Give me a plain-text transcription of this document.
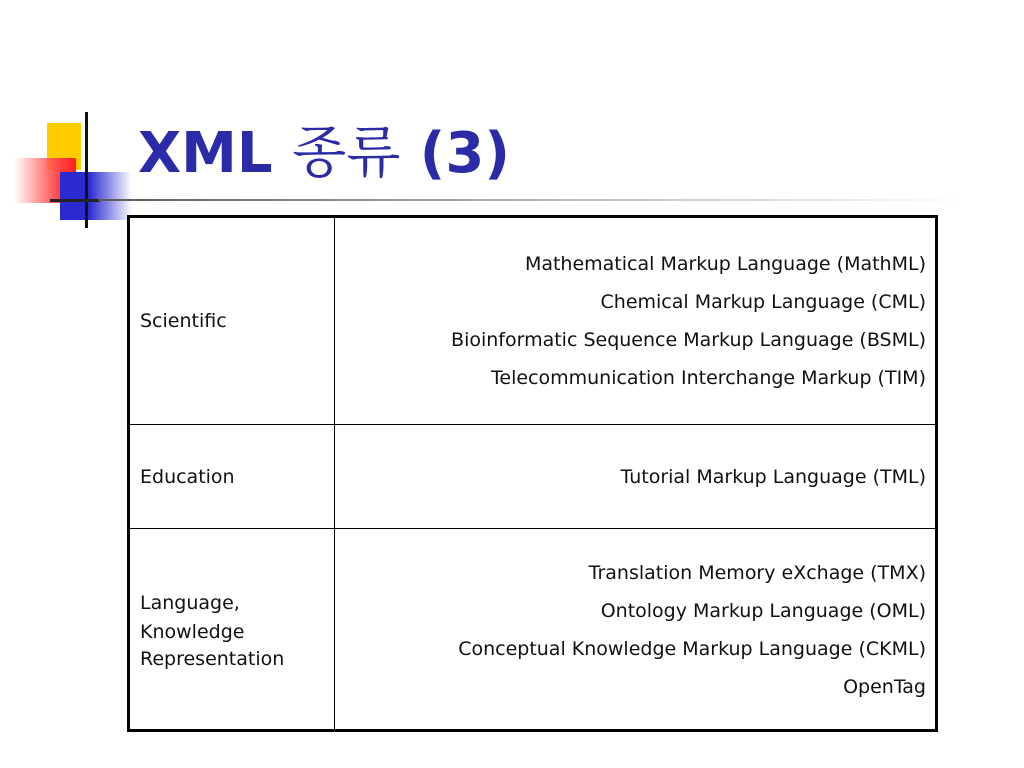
XML 종류 (3)
Scientific
Mathematical Markup Language (MathML)
Chemical Markup Language (CML)
Bioinformatic Sequence Markup Language (BSML)
Telecommunication Interchange Markup (TIM)
Education	Tutorial Markup Language (TML)
Language,
Knowledge
Representation
Translation Memory eXchage (TMX)
Ontology Markup Language (OML)
Conceptual Knowledge Markup Language (CKML)
OpenTag
